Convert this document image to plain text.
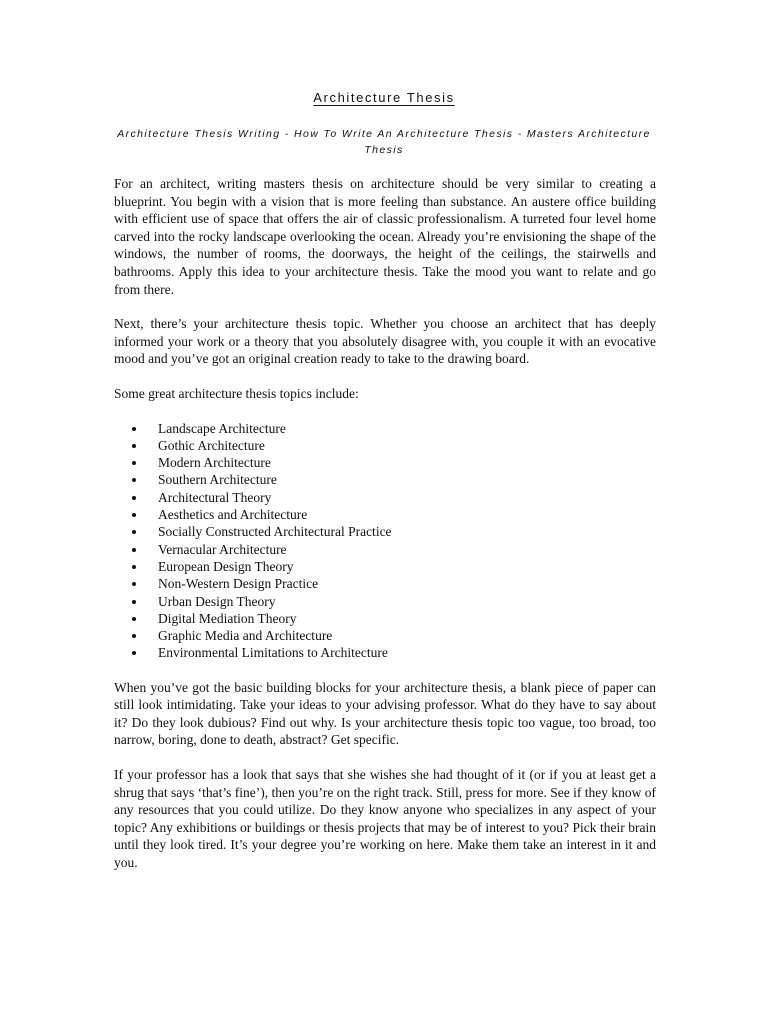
Architecture Thesis
Architecture Thesis Writing - How To Write An Architecture Thesis - Masters Architecture Thesis

For an architect, writing masters thesis on architecture should be very similar to creating a blueprint. You begin with a vision that is more feeling than substance. An austere office building with efficient use of space that offers the air of classic professionalism. A turreted four level home carved into the rocky landscape overlooking the ocean. Already you’re envisioning the shape of the windows, the number of rooms, the doorways, the height of the ceilings, the stairwells and bathrooms. Apply this idea to your architecture thesis. Take the mood you want to relate and go from there.

Next, there’s your architecture thesis topic. Whether you choose an architect that has deeply informed your work or a theory that you absolutely disagree with, you couple it with an evocative mood and you’ve got an original creation ready to take to the drawing board.

Some great architecture thesis topics include:

Landscape Architecture
Gothic Architecture
Modern Architecture
Southern Architecture
Architectural Theory
Aesthetics and Architecture
Socially Constructed Architectural Practice
Vernacular Architecture
European Design Theory
Non-Western Design Practice
Urban Design Theory
Digital Mediation Theory
Graphic Media and Architecture
Environmental Limitations to Architecture

When you’ve got the basic building blocks for your architecture thesis, a blank piece of paper can still look intimidating. Take your ideas to your advising professor. What do they have to say about it? Do they look dubious? Find out why. Is your architecture thesis topic too vague, too broad, too narrow, boring, done to death, abstract? Get specific.

If your professor has a look that says that she wishes she had thought of it (or if you at least get a shrug that says ‘that’s fine’), then you’re on the right track. Still, press for more. See if they know of any resources that you could utilize. Do they know anyone who specializes in any aspect of your topic? Any exhibitions or buildings or thesis projects that may be of interest to you? Pick their brain until they look tired. It’s your degree you’re working on here. Make them take an interest in it and you.
